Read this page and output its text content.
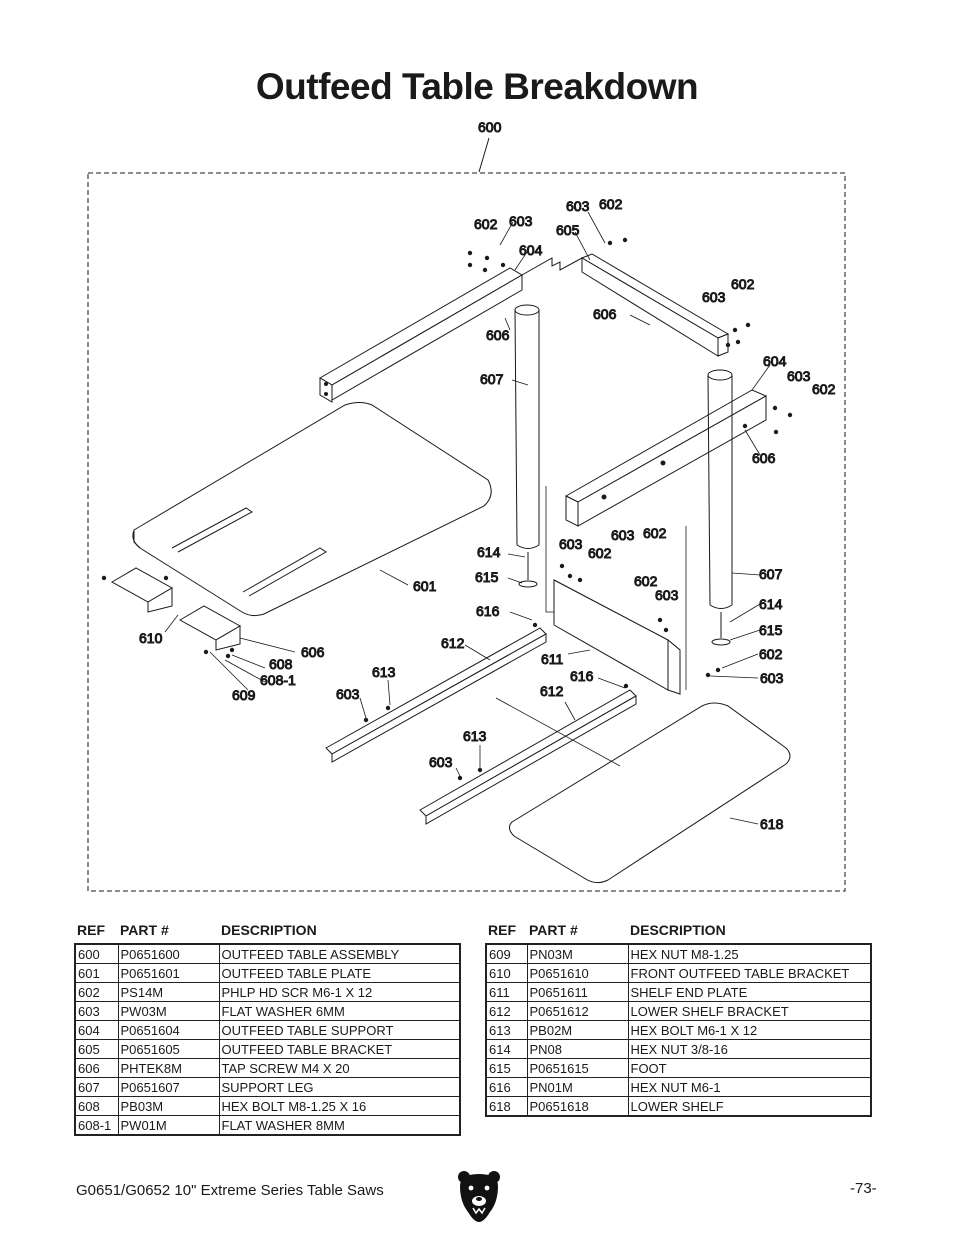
Outfeed Table Breakdown
600
601
602 603
604
606
607
603 602
605
606
603
602
604
603
602
606
614
615
616
603
602
603 602
602
603
607
614
615
602
603
610
606
608
608-1
609
612
613
603
611
616
612
613
603
618
REF	PART #	DESCRIPTION
600	P0651600	OUTFEED TABLE ASSEMBLY
601	P0651601	OUTFEED TABLE PLATE
602	PS14M	PHLP HD SCR M6-1 X 12
603	PW03M	FLAT WASHER 6MM
604	P0651604	OUTFEED TABLE SUPPORT
605	P0651605	OUTFEED TABLE BRACKET
606	PHTEK8M	TAP SCREW M4 X 20
607	P0651607	SUPPORT LEG
608	PB03M	HEX BOLT M8-1.25 X 16
608-1	PW01M	FLAT WASHER 8MM
REF	PART #	DESCRIPTION
609	PN03M	HEX NUT M8-1.25
610	P0651610	FRONT OUTFEED TABLE BRACKET
611	P0651611	SHELF END PLATE
612	P0651612	LOWER SHELF BRACKET
613	PB02M	HEX BOLT M6-1 X 12
614	PN08	HEX NUT 3/8-16
615	P0651615	FOOT
616	PN01M	HEX NUT M6-1
618	P0651618	LOWER SHELF
G0651/G0652 10" Extreme Series Table Saws	-73-
